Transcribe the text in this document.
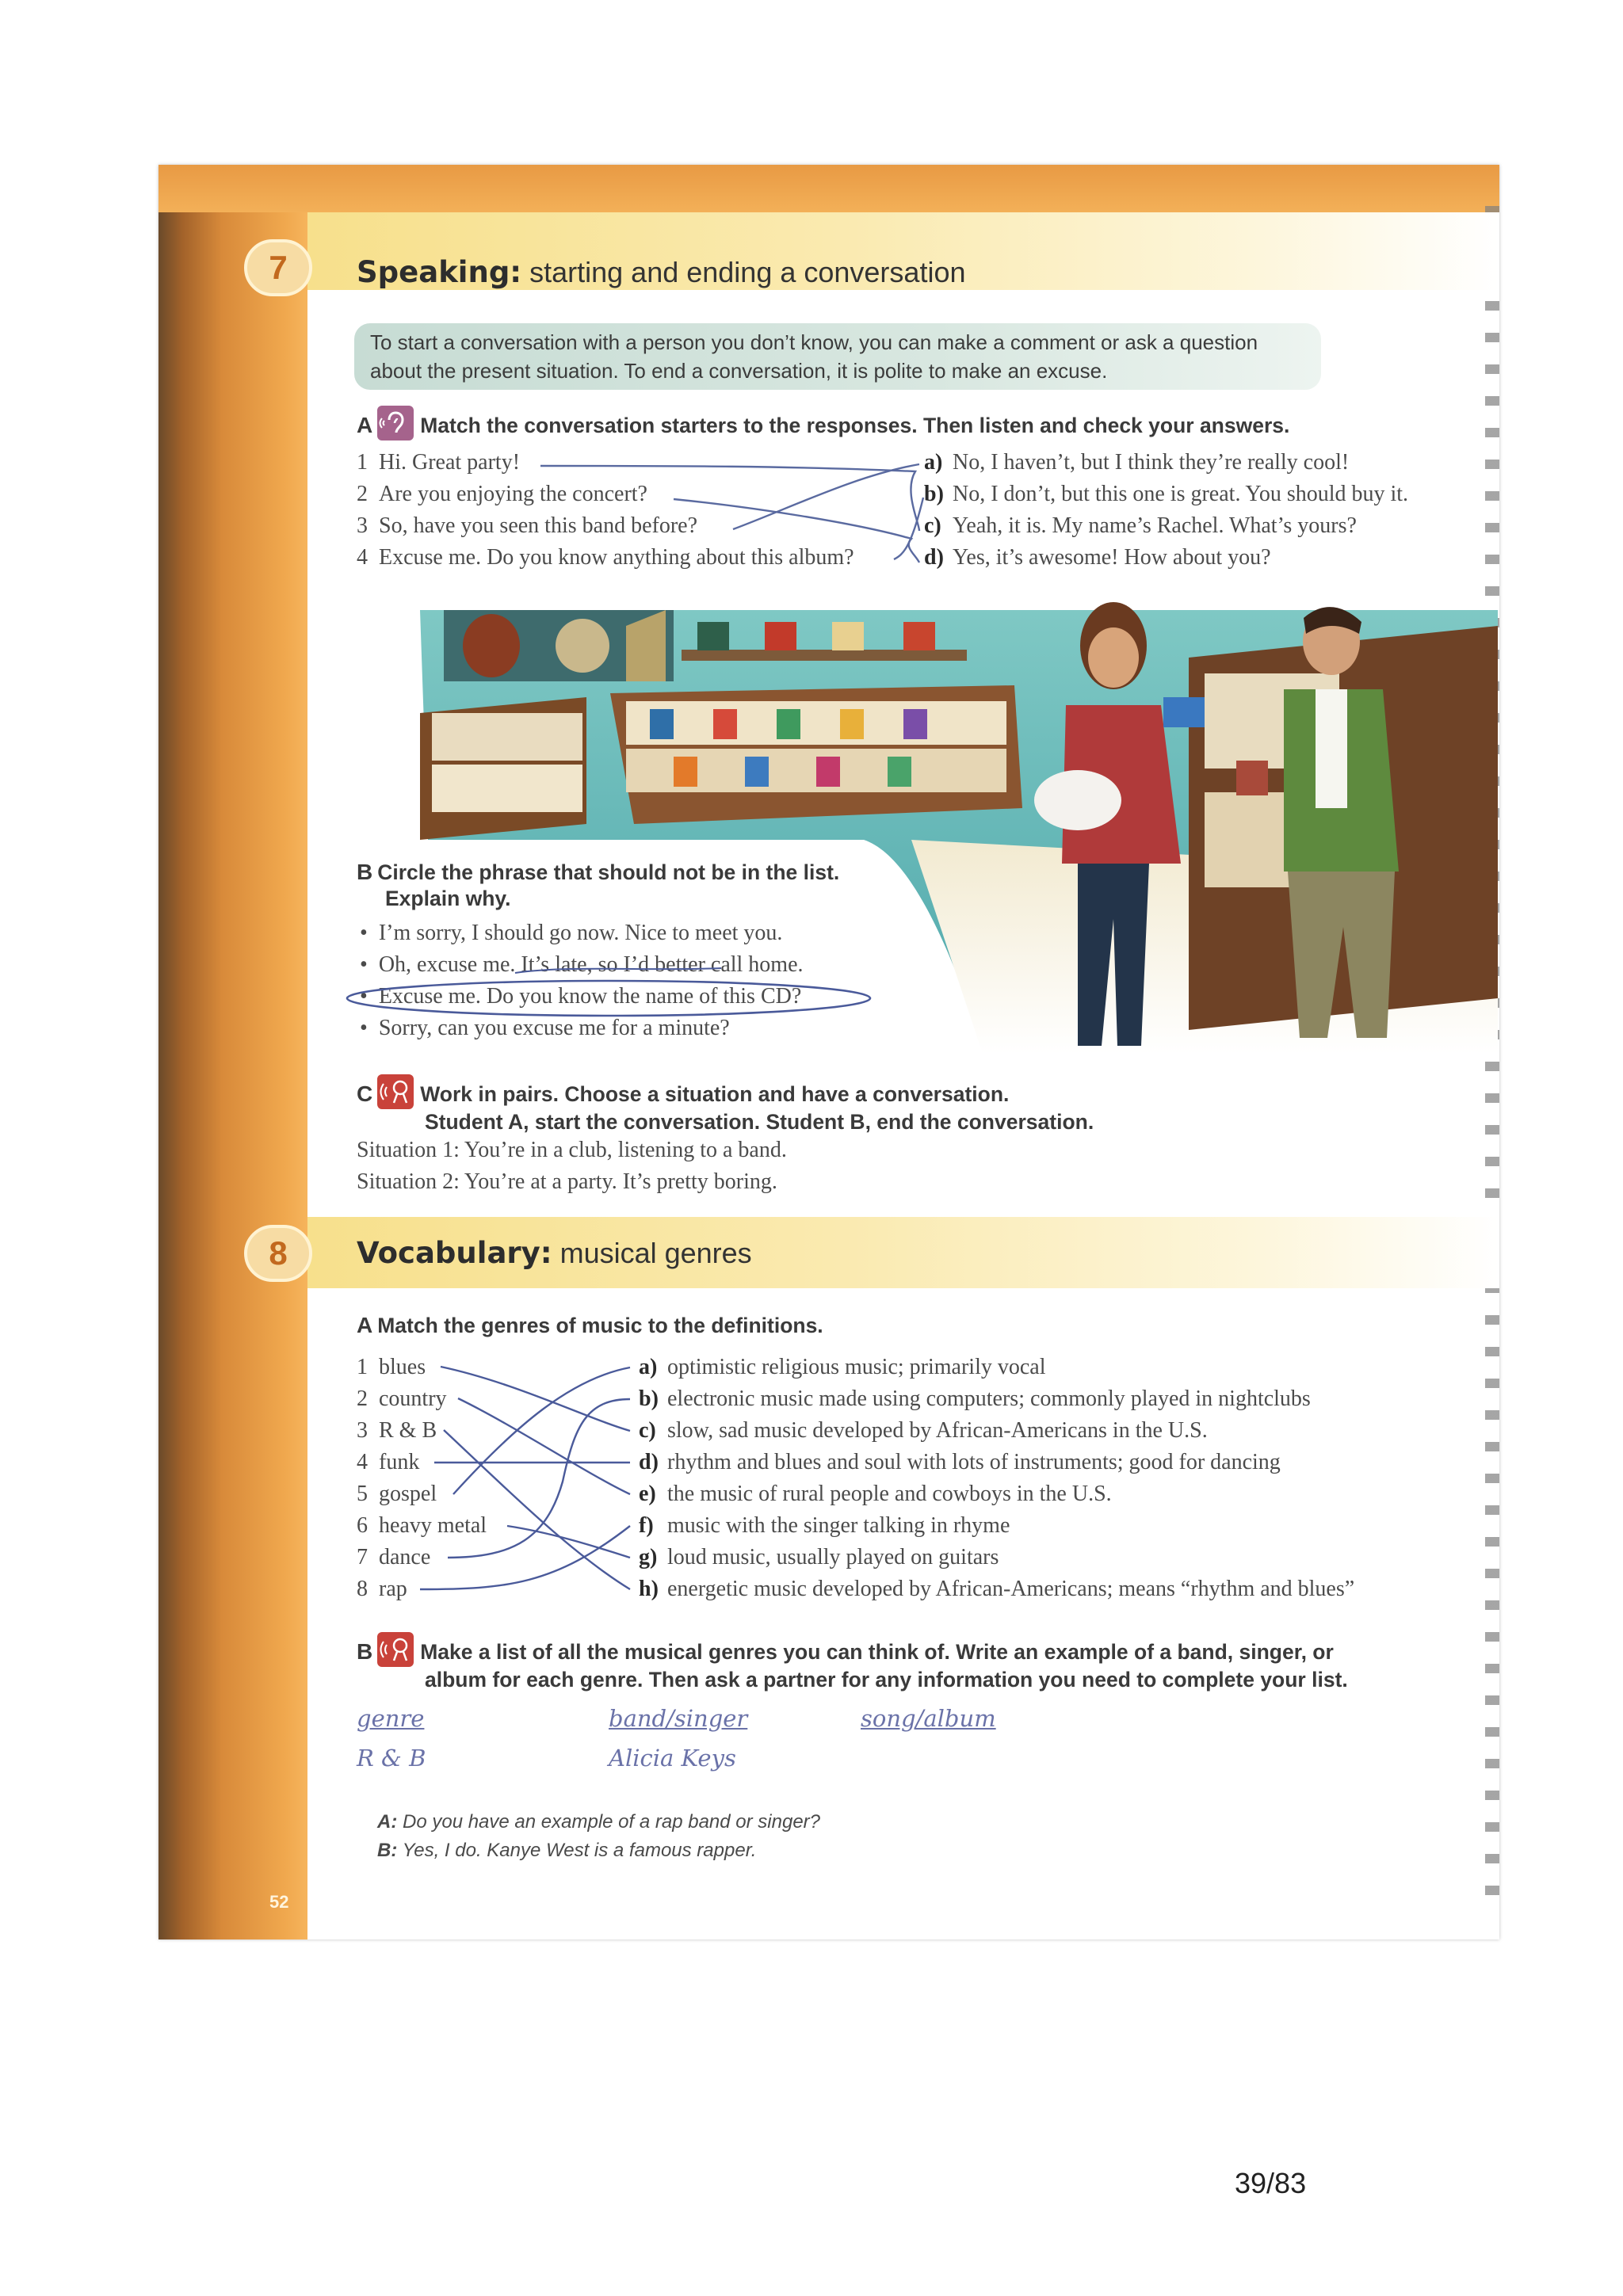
52
7	Speaking: starting and ending a conversation
To start a conversation with a person you don’t know, you can make a comment or ask a question
about the present situation. To end a conversation, it is polite to make an excuse.
A Match the conversation starters to the responses. Then listen and check your answers.
1 Hi. Great party!
2 Are you enjoying the concert?
3 So, have you seen this band before?
4 Excuse me. Do you know anything about this album?
a) No, I haven’t, but I think they’re really cool!
b) No, I don’t, but this one is great. You should buy it.
c) Yeah, it is. My name’s Rachel. What’s yours?
d) Yes, it’s awesome! How about you?
B Circle the phrase that should not be in the list.
Explain why.
•  I’m sorry, I should go now. Nice to meet you.
•  Oh, excuse me. It’s late, so I’d better call home.
•  Excuse me. Do you know the name of this CD?
•  Sorry, can you excuse me for a minute?
C Work in pairs. Choose a situation and have a conversation.
Student A, start the conversation. Student B, end the conversation.
Situation 1: You’re in a club, listening to a band.
Situation 2: You’re at a party. It’s pretty boring.
8	Vocabulary: musical genres
A Match the genres of music to the definitions.
1 blues
2 country
3 R & B
4 funk
5 gospel
6 heavy metal
7 dance
8 rap
a) optimistic religious music; primarily vocal
b) electronic music made using computers; commonly played in nightclubs
c) slow, sad music developed by African-Americans in the U.S.
d) rhythm and blues and soul with lots of instruments; good for dancing
e) the music of rural people and cowboys in the U.S.
f) music with the singer talking in rhyme
g) loud music, usually played on guitars
h) energetic music developed by African-Americans; means “rhythm and blues”
B Make a list of all the musical genres you can think of. Write an example of a band, singer, or
album for each genre. Then ask a partner for any information you need to complete your list.
genre	band/singer	song/album
R & B	Alicia Keys
A: Do you have an example of a rap band or singer?
B: Yes, I do. Kanye West is a famous rapper.
39/83
